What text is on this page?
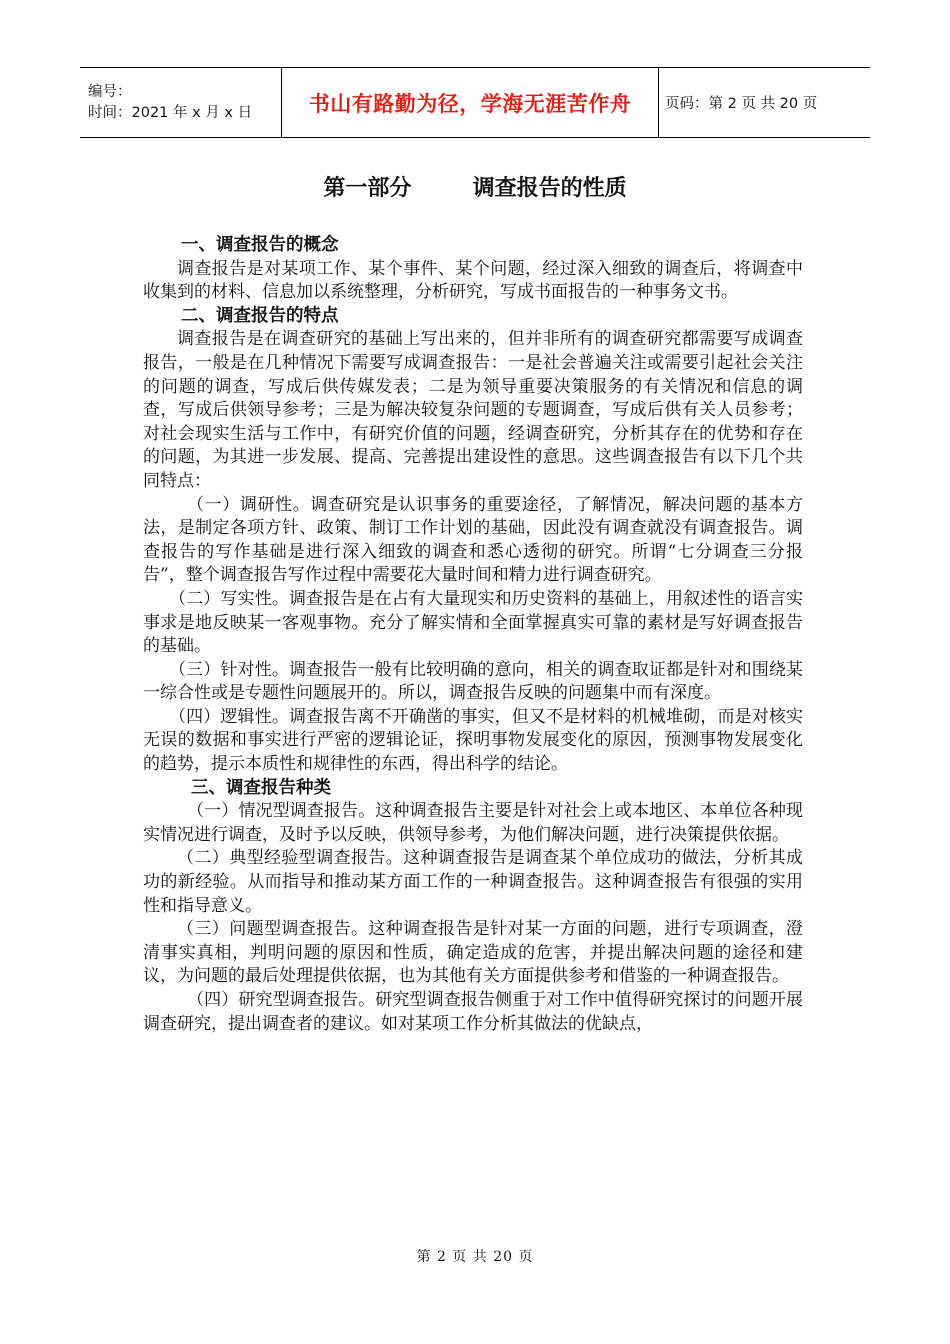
编号：
时间：2021 年 x 月 x 日	书山有路勤为径，学海无涯苦作舟 页码：第 2 页 共 20 页
第一部分        调查报告的性质

一、调查报告的概念

调查报告是对某项工作、某个事件、某个问题，经过深入细致的调查后，将调查中收集到的材料、信息加以系统整理，分析研究，写成书面报告的一种事务文书。

二、调查报告的特点

调查报告是在调查研究的基础上写出来的，但并非所有的调查研究都需要写成调查报告，一般是在几种情况下需要写成调查报告：一是社会普遍关注或需要引起社会关注的问题的调查，写成后供传媒发表；二是为领导重要决策服务的有关情况和信息的调查，写成后供领导参考；三是为解决较复杂问题的专题调查，写成后供有关人员参考；对社会现实生活与工作中，有研究价值的问题，经调查研究，分析其存在的优势和存在的问题，为其进一步发展、提高、完善提出建设性的意思。这些调查报告有以下几个共同特点：

（一）调研性。调查研究是认识事务的重要途径，了解情况，解决问题的基本方法，是制定各项方针、政策、制订工作计划的基础，因此没有调查就没有调查报告。调查报告的写作基础是进行深入细致的调查和悉心透彻的研究。所谓“七分调查三分报告”，整个调查报告写作过程中需要花大量时间和精力进行调查研究。

（二）写实性。调查报告是在占有大量现实和历史资料的基础上，用叙述性的语言实事求是地反映某一客观事物。充分了解实情和全面掌握真实可靠的素材是写好调查报告的基础。

（三）针对性。调查报告一般有比较明确的意向，相关的调查取证都是针对和围绕某一综合性或是专题性问题展开的。所以，调查报告反映的问题集中而有深度。

（四）逻辑性。调查报告离不开确凿的事实，但又不是材料的机械堆砌，而是对核实无误的数据和事实进行严密的逻辑论证，探明事物发展变化的原因，预测事物发展变化的趋势，提示本质性和规律性的东西，得出科学的结论。

三、调查报告种类

（一）情况型调查报告。这种调查报告主要是针对社会上或本地区、本单位各种现实情况进行调查，及时予以反映，供领导参考，为他们解决问题，进行决策提供依据。

（二）典型经验型调查报告。这种调查报告是调查某个单位成功的做法，分析其成功的新经验。从而指导和推动某方面工作的一种调查报告。这种调查报告有很强的实用性和指导意义。

（三）问题型调查报告。这种调查报告是针对某一方面的问题，进行专项调查，澄清事实真相，判明问题的原因和性质，确定造成的危害，并提出解决问题的途径和建议，为问题的最后处理提供依据，也为其他有关方面提供参考和借鉴的一种调查报告。

（四）研究型调查报告。研究型调查报告侧重于对工作中值得研究探讨的问题开展调查研究，提出调查者的建议。如对某项工作分析其做法的优缺点，

第 2 页 共 20 页
